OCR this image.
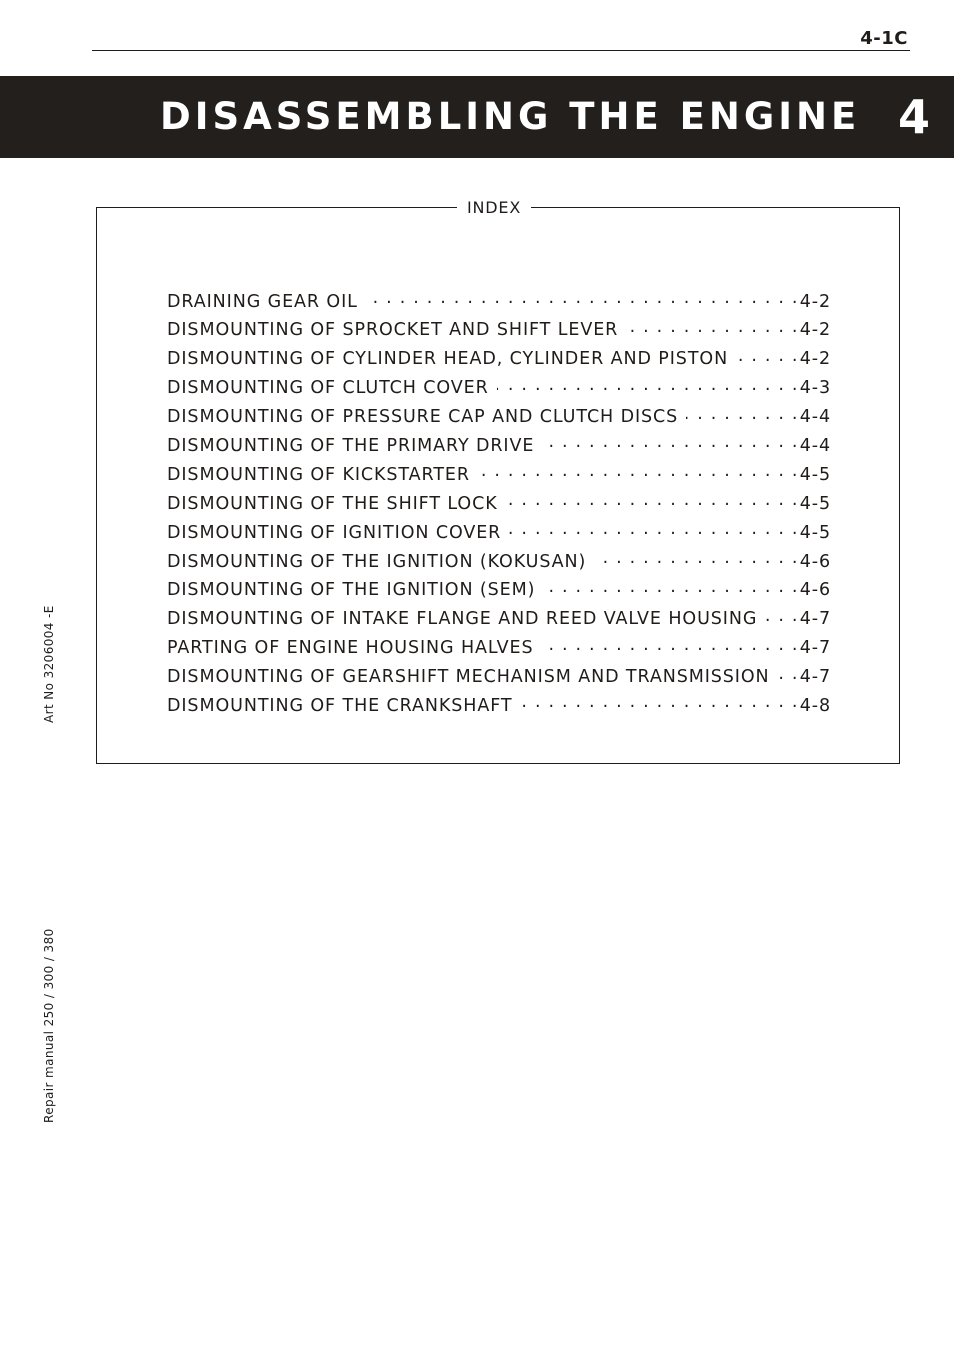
4-1C
DISASSEMBLING THE ENGINE 4
INDEX
DRAINING GEAR OIL . . .	4-2
DISMOUNTING OF SPROCKET AND SHIFT LEVER . . .	4-2
DISMOUNTING OF CYLINDER HEAD, CYLINDER AND PISTON . . .	4-2
DISMOUNTING OF CLUTCH COVER . . .	4-3
DISMOUNTING OF PRESSURE CAP AND CLUTCH DISCS . . .	4-4
DISMOUNTING OF THE PRIMARY DRIVE . . .	4-4
DISMOUNTING OF KICKSTARTER . . .	4-5
DISMOUNTING OF THE SHIFT LOCK . . .	4-5
DISMOUNTING OF IGNITION COVER . . .	4-5
DISMOUNTING OF THE IGNITION (KOKUSAN) . . .	4-6
DISMOUNTING OF THE IGNITION (SEM) . . .	4-6
DISMOUNTING OF INTAKE FLANGE AND REED VALVE HOUSING . . .	4-7
PARTING OF ENGINE HOUSING HALVES . . .	4-7
DISMOUNTING OF GEARSHIFT MECHANISM AND TRANSMISSION . . .	4-7
DISMOUNTING OF THE CRANKSHAFT . . .	4-8
Art No 3206004 -E
Repair manual 250 / 300 / 380
